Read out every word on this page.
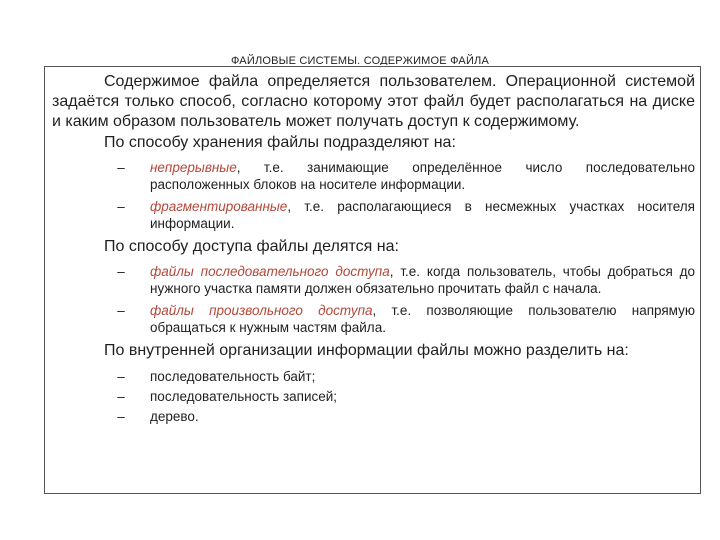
ФАЙЛОВЫЕ СИСТЕМЫ. СОДЕРЖИМОЕ ФАЙЛА

Содержимое файла определяется пользователем. Операционной системой задаётся только способ, согласно которому этот файл будет располагаться на диске и каким образом пользователь может получать доступ к содержимому.

По способу хранения файлы подразделяют на:

– непрерывные, т.е. занимающие определённое число последовательно расположенных блоков на носителе информации.
– фрагментированные, т.е. располагающиеся в несмежных участках носителя информации.

По способу доступа файлы делятся на:

– файлы последовательного доступа, т.е. когда пользователь, чтобы добраться до нужного участка памяти должен обязательно прочитать файл с начала.
– файлы произвольного доступа, т.е. позволяющие пользователю напрямую обращаться к нужным частям файла.

По внутренней организации информации файлы можно разделить на:

– последовательность байт;
– последовательность записей;
– дерево.
